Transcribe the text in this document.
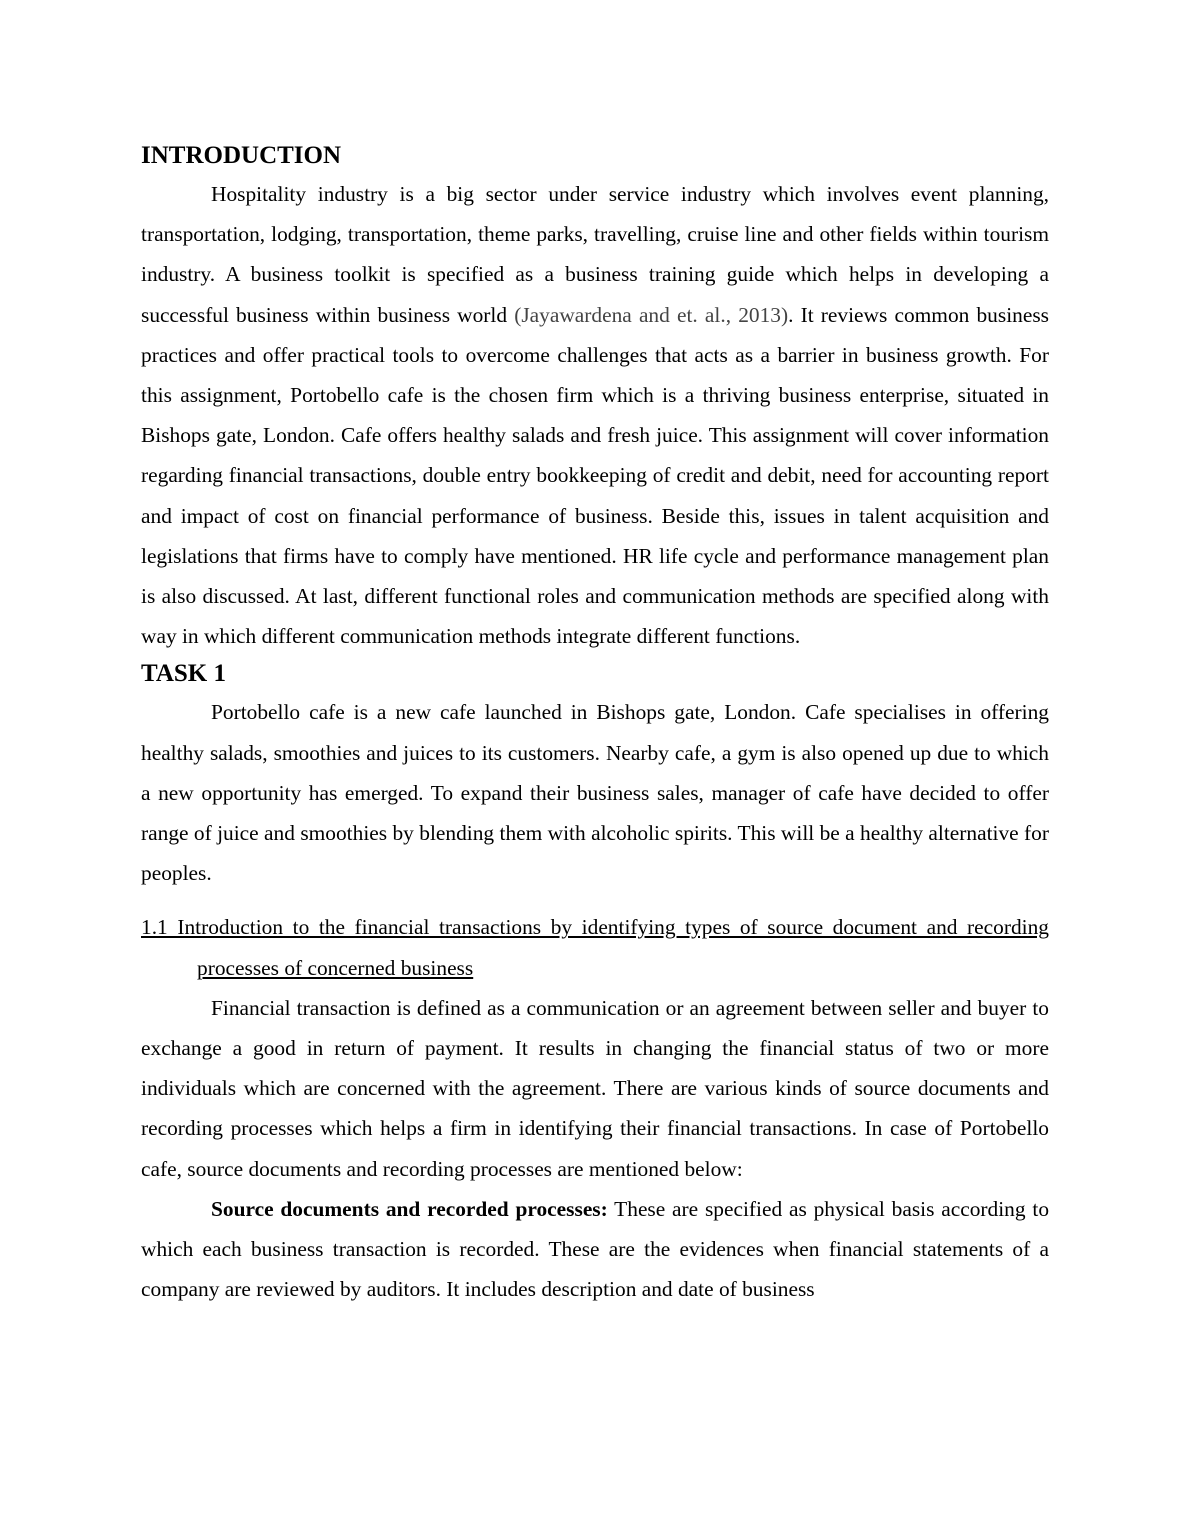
INTRODUCTION

Hospitality industry is a big sector under service industry which involves event planning, transportation, lodging, transportation, theme parks, travelling, cruise line and other fields within tourism industry. A business toolkit is specified as a business training guide which helps in developing a successful business within business world (Jayawardena and et. al., 2013). It reviews common business practices and offer practical tools to overcome challenges that acts as a barrier in business growth. For this assignment, Portobello cafe is the chosen firm which is a thriving business enterprise, situated in Bishops gate, London. Cafe offers healthy salads and fresh juice. This assignment will cover information regarding financial transactions, double entry bookkeeping of credit and debit, need for accounting report and impact of cost on financial performance of business. Beside this, issues in talent acquisition and legislations that firms have to comply have mentioned. HR life cycle and performance management plan is also discussed. At last, different functional roles and communication methods are specified along with way in which different communication methods integrate different functions.

TASK 1

Portobello cafe is a new cafe launched in Bishops gate, London. Cafe specialises in offering healthy salads, smoothies and juices to its customers. Nearby cafe, a gym is also opened up due to which a new opportunity has emerged. To expand their business sales, manager of cafe have decided to offer range of juice and smoothies by blending them with alcoholic spirits. This will be a healthy alternative for peoples.

1.1 Introduction to the financial transactions by identifying types of source document and recording processes of concerned business

Financial transaction is defined as a communication or an agreement between seller and buyer to exchange a good in return of payment. It results in changing the financial status of two or more individuals which are concerned with the agreement. There are various kinds of source documents and recording processes which helps a firm in identifying their financial transactions. In case of Portobello cafe, source documents and recording processes are mentioned below:

Source documents and recorded processes: These are specified as physical basis according to which each business transaction is recorded. These are the evidences when financial statements of a company are reviewed by auditors. It includes description and date of business
